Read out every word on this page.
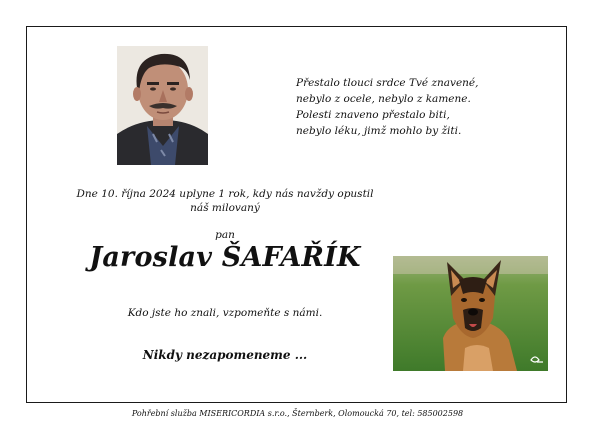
Přestalo tlouci srdce Tvé znavené,
nebylo z ocele, nebylo z kamene.
Polesti znaveno přestalo biti,
nebylo léku, jimž mohlo by žiti.
Dne 10. října 2024 uplyne 1 rok, kdy nás navždy opustil
náš milovaný
pan
Jaroslav ŠAFAŘÍK
Kdo jste ho znali, vzpomeňte s námi.
Nikdy nezapomeneme ...
Pohřební služba MISERICORDIA s.r.o., Šternberk, Olomoucká 70, tel: 585002598
